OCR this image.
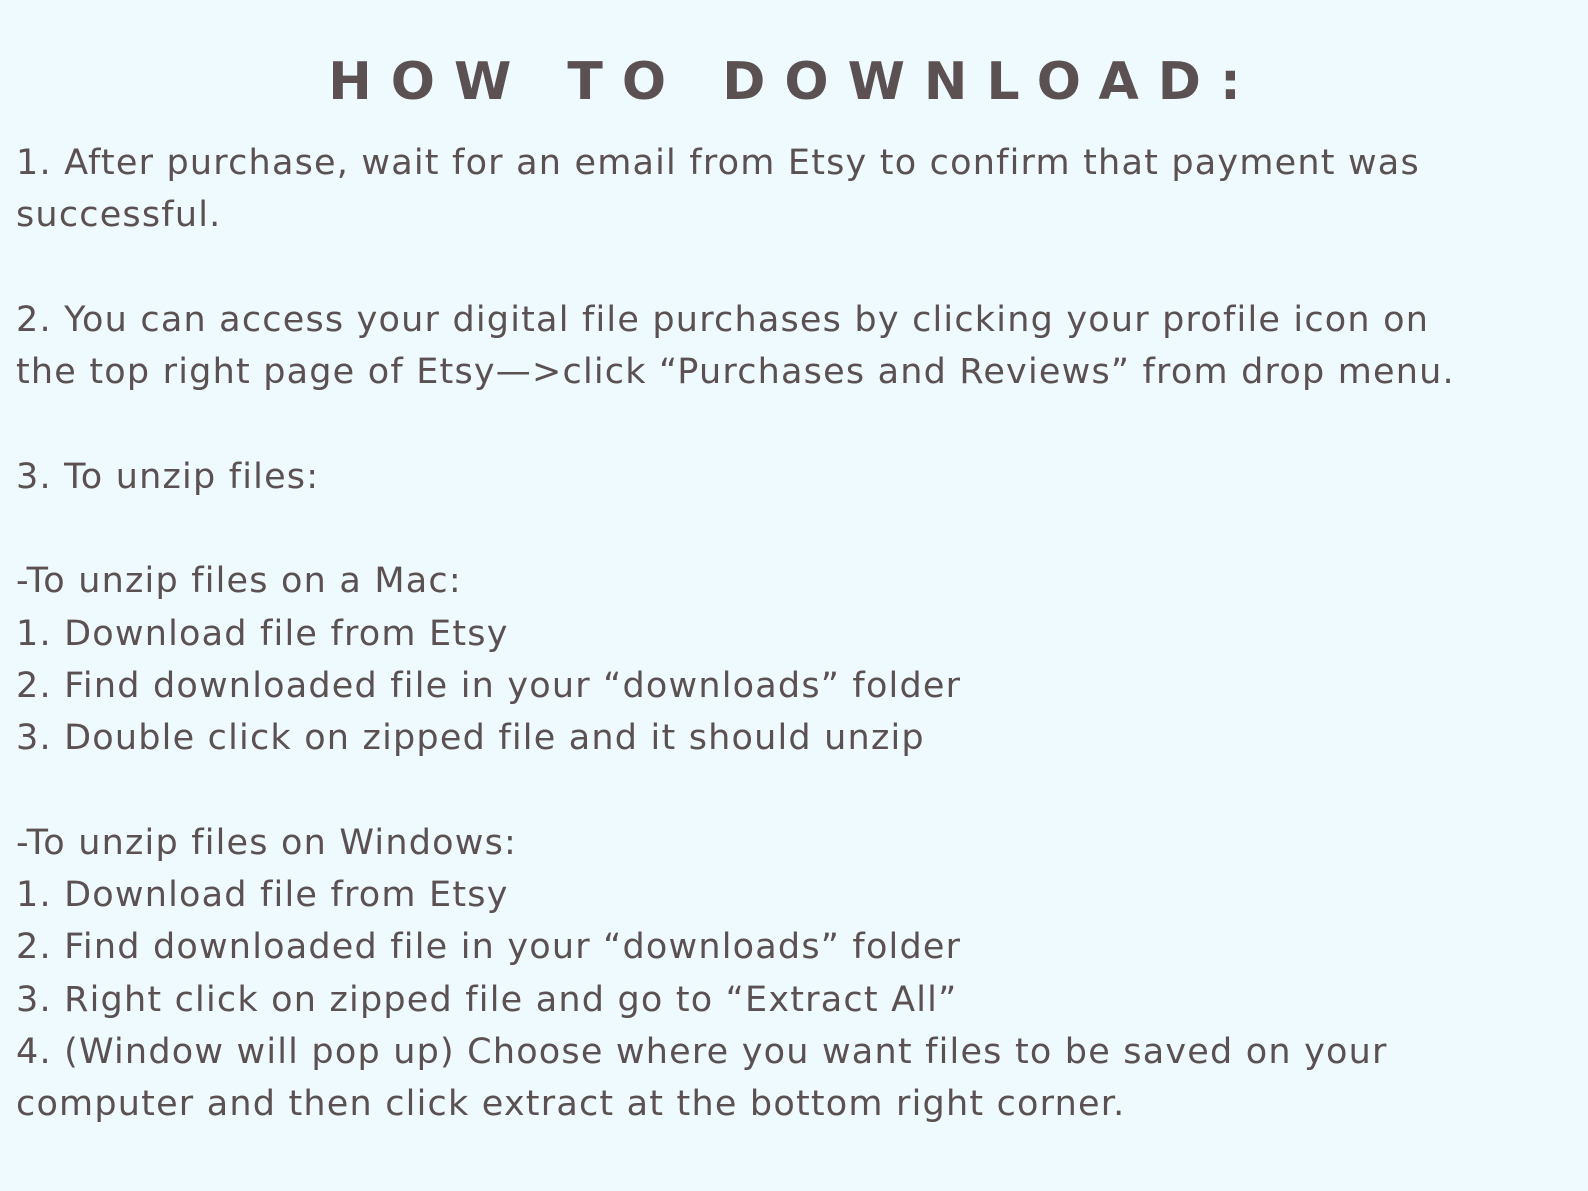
HOW TO DOWNLOAD:
1. After purchase, wait for an email from Etsy to confirm that payment was
successful.
2. You can access your digital file purchases by clicking your profile icon on
the top right page of Etsy—>click “Purchases and Reviews” from drop menu.
3. To unzip files:
-To unzip files on a Mac:
1. Download file from Etsy
2. Find downloaded file in your “downloads” folder
3. Double click on zipped file and it should unzip
-To unzip files on Windows:
1. Download file from Etsy
2. Find downloaded file in your “downloads” folder
3. Right click on zipped file and go to “Extract All”
4. (Window will pop up) Choose where you want files to be saved on your
computer and then click extract at the bottom right corner.
